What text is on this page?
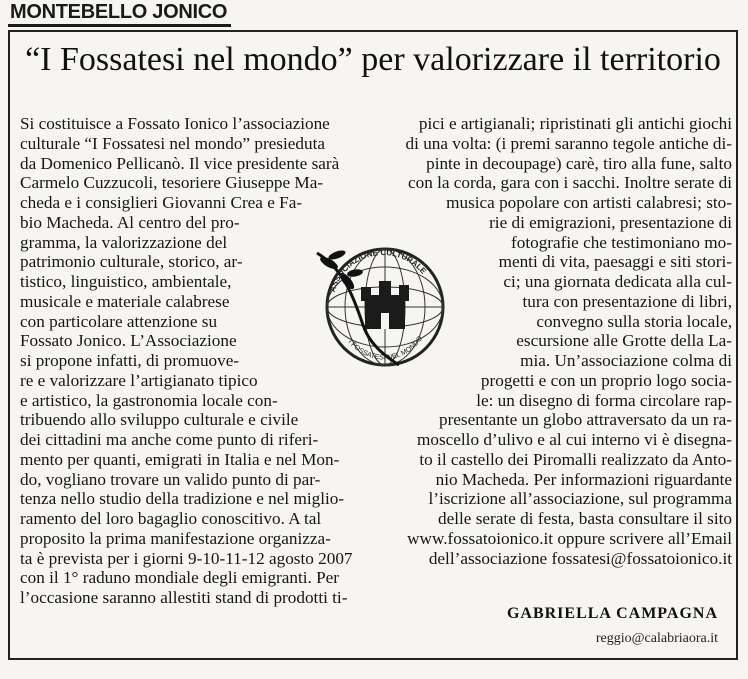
MONTEBELLO JONICO
“I Fossatesi nel mondo” per valorizzare il territorio
Si costituisce a Fossato Ionico l’associazione
culturale “I Fossatesi nel mondo” presieduta
da Domenico Pellicanò. Il vice presidente sarà
Carmelo Cuzzucoli, tesoriere Giuseppe Ma-
cheda e i consiglieri Giovanni Crea e Fa-
bio Macheda. Al centro del pro-
gramma, la valorizzazione del
patrimonio culturale, storico, ar-
tistico, linguistico, ambientale,
musicale e materiale calabrese
con particolare attenzione su
Fossato Jonico. L’Associazione
si propone infatti, di promuove-
re e valorizzare l’artigianato tipico
e artistico, la gastronomia locale con-
tribuendo allo sviluppo culturale e civile
dei cittadini ma anche come punto di riferi-
mento per quanti, emigrati in Italia e nel Mon-
do, vogliano trovare un valido punto di par-
tenza nello studio della tradizione e nel miglio-
ramento del loro bagaglio conoscitivo. A tal
proposito la prima manifestazione organizza-
ta è prevista per i giorni 9-10-11-12 agosto 2007
con il 1° raduno mondiale degli emigranti. Per
l’occasione saranno allestiti stand di prodotti ti-
pici e artigianali; ripristinati gli antichi giochi
di una volta: (i premi saranno tegole antiche di-
pinte in decoupage) carè, tiro alla fune, salto
con la corda, gara con i sacchi. Inoltre serate di
musica popolare con artisti calabresi; sto-
rie di emigrazioni, presentazione di
fotografie che testimoniano mo-
menti di vita, paesaggi e siti stori-
ci; una giornata dedicata alla cul-
tura con presentazione di libri,
convegno sulla storia locale,
escursione alle Grotte della La-
mia. Un’associazione colma di
progetti e con un proprio logo socia-
le: un disegno di forma circolare rap-
presentante un globo attraversato da un ra-
moscello d’ulivo e al cui interno vi è disegna-
to il castello dei Piromalli realizzato da Anto-
nio Macheda. Per informazioni riguardante
l’iscrizione all’associazione, sul programma
delle serate di festa, basta consultare il sito
www.fossatoionico.it oppure scrivere all’Email
dell’associazione fossatesi@fossatoionico.it
ASSOCIAZIONE CULTURALE
I FOSSATESI NEL MONDO
GABRIELLA CAMPAGNA
reggio@calabriaora.it
